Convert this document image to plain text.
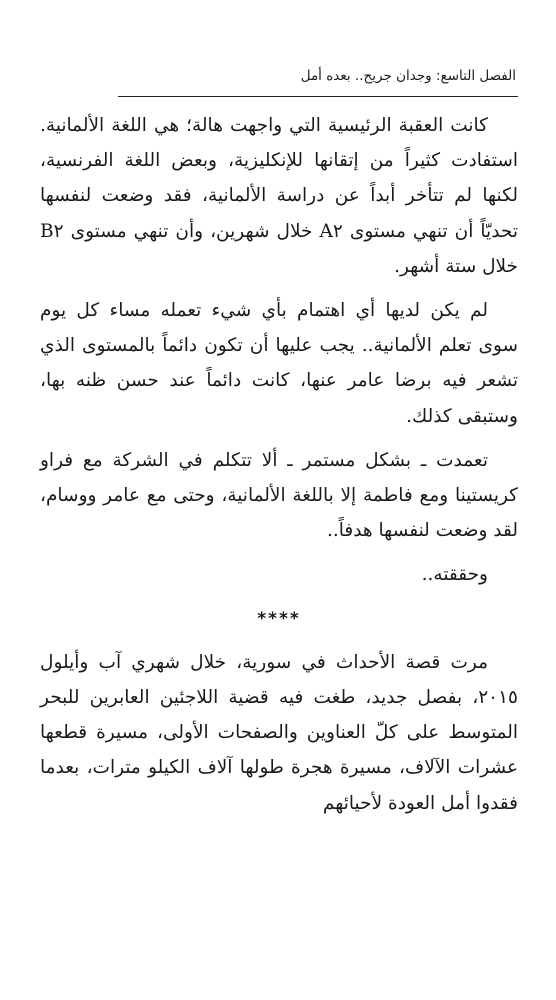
الفصل التاسع: وجدان جريح.. بعده أمل

كانت العقبة الرئيسية التي واجهت هالة؛ هي اللغة الألمانية. استفادت كثيراً من إتقانها للإنكليزية، وبعض اللغة الفرنسية، لكنها لم تتأخر أبداً عن دراسة الألمانية، فقد وضعت لنفسها تحديّاً أن تنهي مستوى A٢ خلال شهرين، وأن تنهي مستوى B٢ خلال ستة أشهر.

لم يكن لديها أي اهتمام بأي شيء تعمله مساء كل يوم سوى تعلم الألمانية.. يجب عليها أن تكون دائماً بالمستوى الذي تشعر فيه برضا عامر عنها، كانت دائماً عند حسن ظنه بها، وستبقى كذلك.

تعمدت ـ بشكل مستمر ـ ألا تتكلم في الشركة مع فراو كريستينا ومع فاطمة إلا باللغة الألمانية، وحتى مع عامر ووسام، لقد وضعت لنفسها هدفاً..

وحققته..

****

مرت قصة الأحداث في سورية، خلال شهري آب وأيلول ٢٠١٥، بفصل جديد، طغت فيه قضية اللاجئين العابرين للبحر المتوسط على كلّ العناوين والصفحات الأولى، مسيرة قطعها عشرات الآلاف، مسيرة هجرة طولها آلاف الكيلو مترات، بعدما فقدوا أمل العودة لأحيائهم
